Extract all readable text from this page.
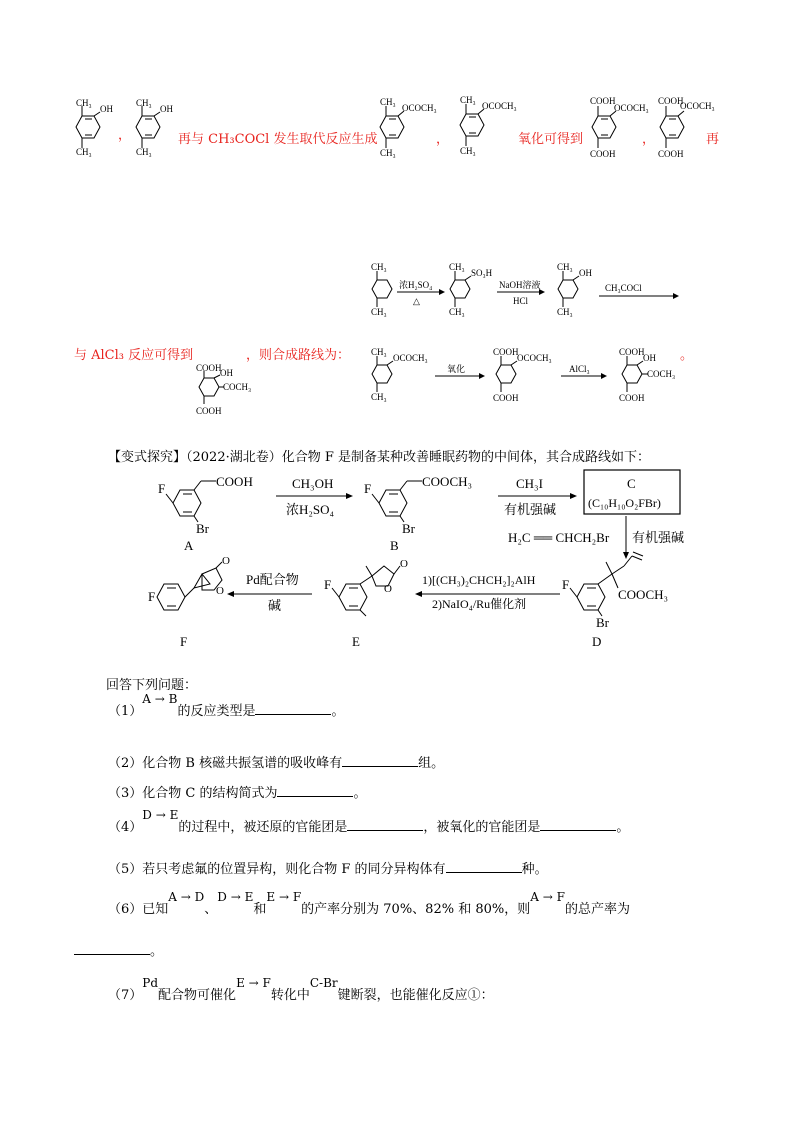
CH₃
OH
CH₃
，
CH₃
OH
CH₃
再与 CH₃COCl 发生取代反应生成
CH₃
OCOCH₃
CH₃
，
CH₃
OCOCH₃
CH₃
氧化可得到
COOH
OCOCH₃
COOH
，
COOH
OCOCH₃
COOH
再
CH₃
CH₃
浓H₂SO₄
△
CH₃
SO₃H
CH₃
NaOH溶液
HCl
CH₃
OH
CH₃
CH₃COCl
CH₃
OCOCH₃
CH₃
氧化
COOH
OCOCH₃
COOH
AlCl₃
COOH
OH
COCH₃
COOH
与 AlCl₃ 反应可得到	，则合成路线为：	。
COOH
OH
COCH₃
COOH
【变式探究】（2022·湖北卷）化合物 F 是制备某种改善睡眠药物的中间体，其合成路线如下：
F
Br
COOH
A
CH₃OH
浓H₂SO₄
F
Br
COOCH₃
B
CH₃I
有机强碱
C
(C₁₀H₁₀O₂FBr)
H₂C ══ CHCH₂Br 有机强碱
F
COOCH₃
Br
D
1)[(CH₃)₂CHCH₂]₂AlH
2)NaIO₄/Ru催化剂
O
O
F
E
Pd配合物
碱
O
O
F
F
回答下列问题：
（1）A → B的反应类型是	。
（2）化合物 B 核磁共振氢谱的吸收峰有	组。
（3）化合物 C 的结构简式为	。
（4）D → E的过程中，被还原的官能团是	，被氧化的官能团是	。
（5）若只考虑氟的位置异构，则化合物 F 的同分异构体有	种。
（6）已知A → D、D → E和E → F的产率分别为 70%、82% 和 80%，则A → F的总产率为
。
（7）Pd配合物可催化E → F转化中C-Br键断裂，也能催化反应①：
